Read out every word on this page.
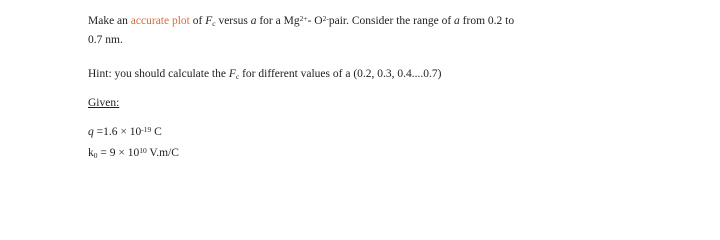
Make an accurate plot of $F_c$ versus a for a $Mg^{2+}-$ $O^{2-}pair$. Consider the range of a from 0.2 to
0.7 nm.
Hint: you should calculate the $F_c$ for different values of a (0.2, 0.3, 0.4....0.7)
Given:
$q =1.6 \times 10^{-19}$ C
$k_0 = 9 \times 10^{10}$ V.m/C
